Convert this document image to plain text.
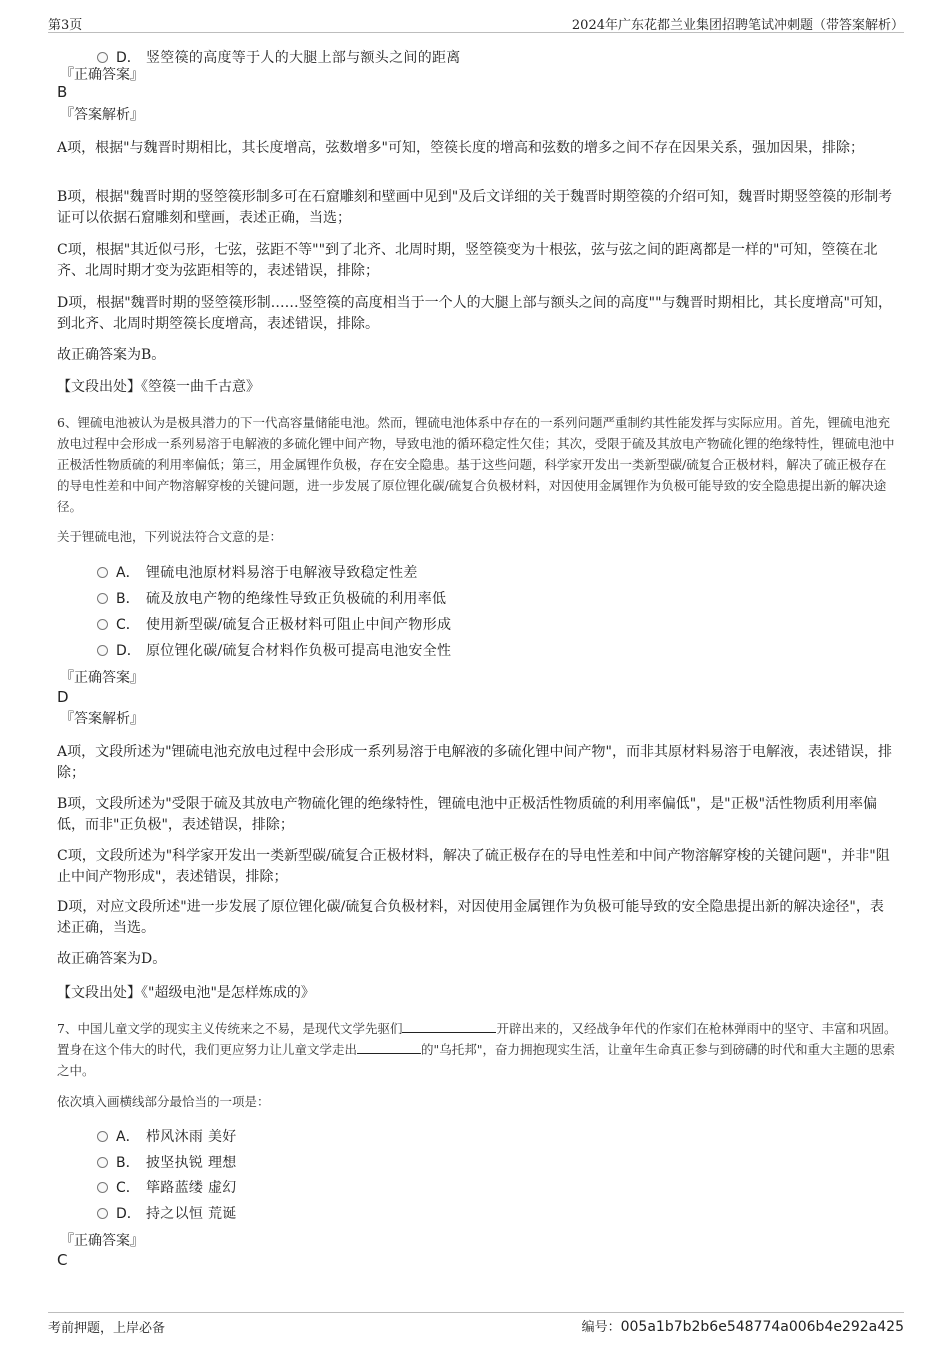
第3页	2024年广东花都兰业集团招聘笔试冲刺题（带答案解析）
D． 竖箜篌的高度等于人的大腿上部与额头之间的距离
『正确答案』
B
『答案解析』
A项，根据"与魏晋时期相比，其长度增高，弦数增多"可知，箜篌长度的增高和弦数的增多之间不存在因果关系，强加因果，排除；
B项，根据"魏晋时期的竖箜篌形制多可在石窟雕刻和壁画中见到"及后文详细的关于魏晋时期箜篌的介绍可知，魏晋时期竖箜篌的形制考证可以依据石窟雕刻和壁画，表述正确，当选；
C项，根据"其近似弓形，七弦，弦距不等""到了北齐、北周时期，竖箜篌变为十根弦，弦与弦之间的距离都是一样的"可知，箜篌在北齐、北周时期才变为弦距相等的，表述错误，排除；
D项，根据"魏晋时期的竖箜篌形制……竖箜篌的高度相当于一个人的大腿上部与额头之间的高度""与魏晋时期相比，其长度增高"可知，到北齐、北周时期箜篌长度增高，表述错误，排除。
故正确答案为B。
【文段出处】《箜篌一曲千古意》
6、锂硫电池被认为是极具潜力的下一代高容量储能电池。然而，锂硫电池体系中存在的一系列问题严重制约其性能发挥与实际应用。首先，锂硫电池充放电过程中会形成一系列易溶于电解液的多硫化锂中间产物，导致电池的循环稳定性欠佳；其次，受限于硫及其放电产物硫化锂的绝缘特性，锂硫电池中正极活性物质硫的利用率偏低；第三，用金属锂作负极，存在安全隐患。基于这些问题，科学家开发出一类新型碳/硫复合正极材料，解决了硫正极存在的导电性差和中间产物溶解穿梭的关键问题，进一步发展了原位锂化碳/硫复合负极材料，对因使用金属锂作为负极可能导致的安全隐患提出新的解决途径。
关于锂硫电池，下列说法符合文意的是：
A． 锂硫电池原材料易溶于电解液导致稳定性差
B． 硫及放电产物的绝缘性导致正负极硫的利用率低
C． 使用新型碳/硫复合正极材料可阻止中间产物形成
D． 原位锂化碳/硫复合材料作负极可提高电池安全性
『正确答案』
D
『答案解析』
A项，文段所述为"锂硫电池充放电过程中会形成一系列易溶于电解液的多硫化锂中间产物"，而非其原材料易溶于电解液，表述错误，排除；
B项，文段所述为"受限于硫及其放电产物硫化锂的绝缘特性，锂硫电池中正极活性物质硫的利用率偏低"，是"正极"活性物质利用率偏低，而非"正负极"，表述错误，排除；
C项，文段所述为"科学家开发出一类新型碳/硫复合正极材料，解决了硫正极存在的导电性差和中间产物溶解穿梭的关键问题"，并非"阻止中间产物形成"，表述错误，排除；
D项，对应文段所述"进一步发展了原位锂化碳/硫复合负极材料，对因使用金属锂作为负极可能导致的安全隐患提出新的解决途径"，表述正确，当选。
故正确答案为D。
【文段出处】《"超级电池"是怎样炼成的》
7、中国儿童文学的现实主义传统来之不易，是现代文学先驱们	开辟出来的，又经战争年代的作家们在枪林弹雨中的坚守、丰富和巩固。置身在这个伟大的时代，我们更应努力让儿童文学走出	的"乌托邦"，奋力拥抱现实生活，让童年生命真正参与到磅礴的时代和重大主题的思索之中。
依次填入画横线部分最恰当的一项是：
A． 栉风沐雨 美好
B． 披坚执锐 理想
C． 筚路蓝缕 虚幻
D． 持之以恒 荒诞
『正确答案』
C
考前押题，上岸必备	编号：005a1b7b2b6e548774a006b4e292a425
